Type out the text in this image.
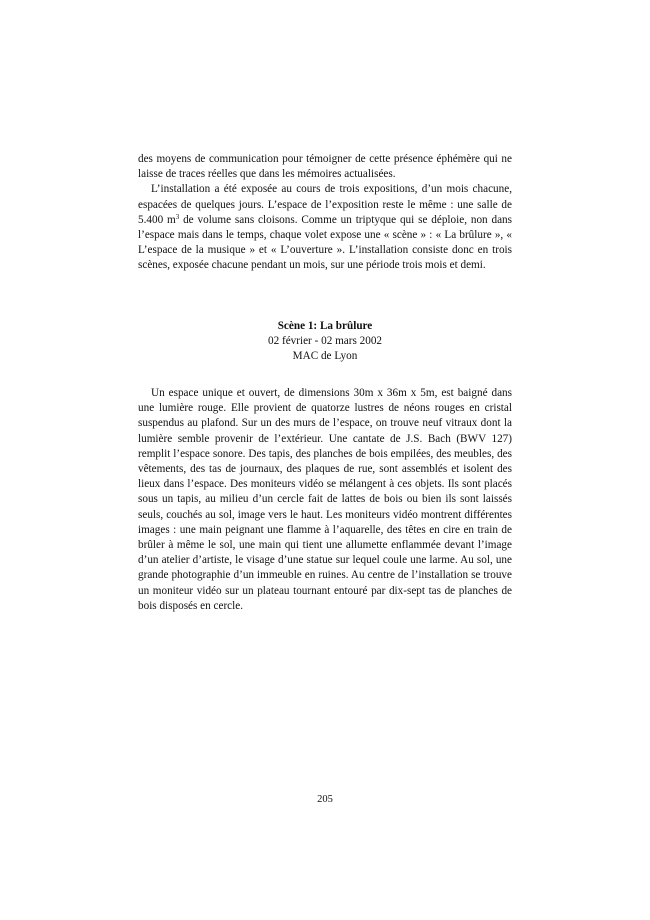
des moyens de communication pour témoigner de cette présence éphémère qui ne laisse de traces réelles que dans les mémoires actualisées.

L’installation a été exposée au cours de trois expositions, d’un mois chacune, espacées de quelques jours. L’espace de l’exposition reste le même : une salle de 5.400 $m^3$ de volume sans cloisons. Comme un triptyque qui se déploie, non dans l’espace mais dans le temps, chaque volet expose une « scène » : « La brûlure », « L’espace de la musique » et « L’ouverture ». L’installation consiste donc en trois scènes, exposée chacune pendant un mois, sur une période trois mois et demi.

Scène 1: La brûlure
02 février - 02 mars 2002
MAC de Lyon

Un espace unique et ouvert, de dimensions 30m x 36m x 5m, est baigné dans une lumière rouge. Elle provient de quatorze lustres de néons rouges en cristal suspendus au plafond. Sur un des murs de l’espace, on trouve neuf vitraux dont la lumière semble provenir de l’extérieur. Une cantate de J.S. Bach (BWV 127) remplit l’espace sonore. Des tapis, des planches de bois empilées, des meubles, des vêtements, des tas de journaux, des plaques de rue, sont assemblés et isolent des lieux dans l’espace. Des moniteurs vidéo se mélangent à ces objets. Ils sont placés sous un tapis, au milieu d’un cercle fait de lattes de bois ou bien ils sont laissés seuls, couchés au sol, image vers le haut. Les moniteurs vidéo montrent différentes images : une main peignant une flamme à l’aquarelle, des têtes en cire en train de brûler à même le sol, une main qui tient une allumette enflammée devant l’image d’un atelier d’artiste, le visage d’une statue sur lequel coule une larme. Au sol, une grande photographie d’un immeuble en ruines. Au centre de l’installation se trouve un moniteur vidéo sur un plateau tournant entouré par dix-sept tas de planches de bois disposés en cercle.

205
